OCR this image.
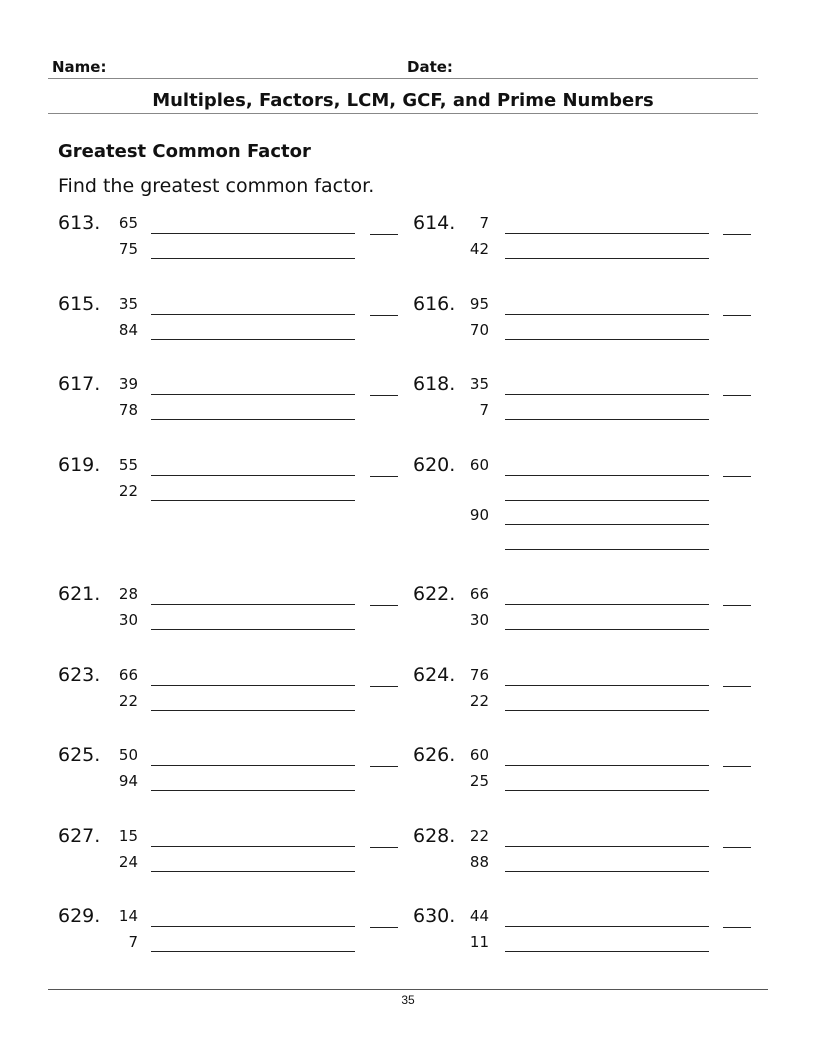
Name:	Date:
Multiples, Factors, LCM, GCF, and Prime Numbers
Greatest Common Factor
Find the greatest common factor.
613.	65
75
614.	7
42
615.	35
84
616. 95
70
617.	39
78
618. 35
7
619.	55
22
620. 60
90
621.	28
30
622. 66
30
623.	66
22
624. 76
22
625.	50
94
626. 60
25
627.	15
24
628. 22
88
629.	14
7
630. 44
11
35
